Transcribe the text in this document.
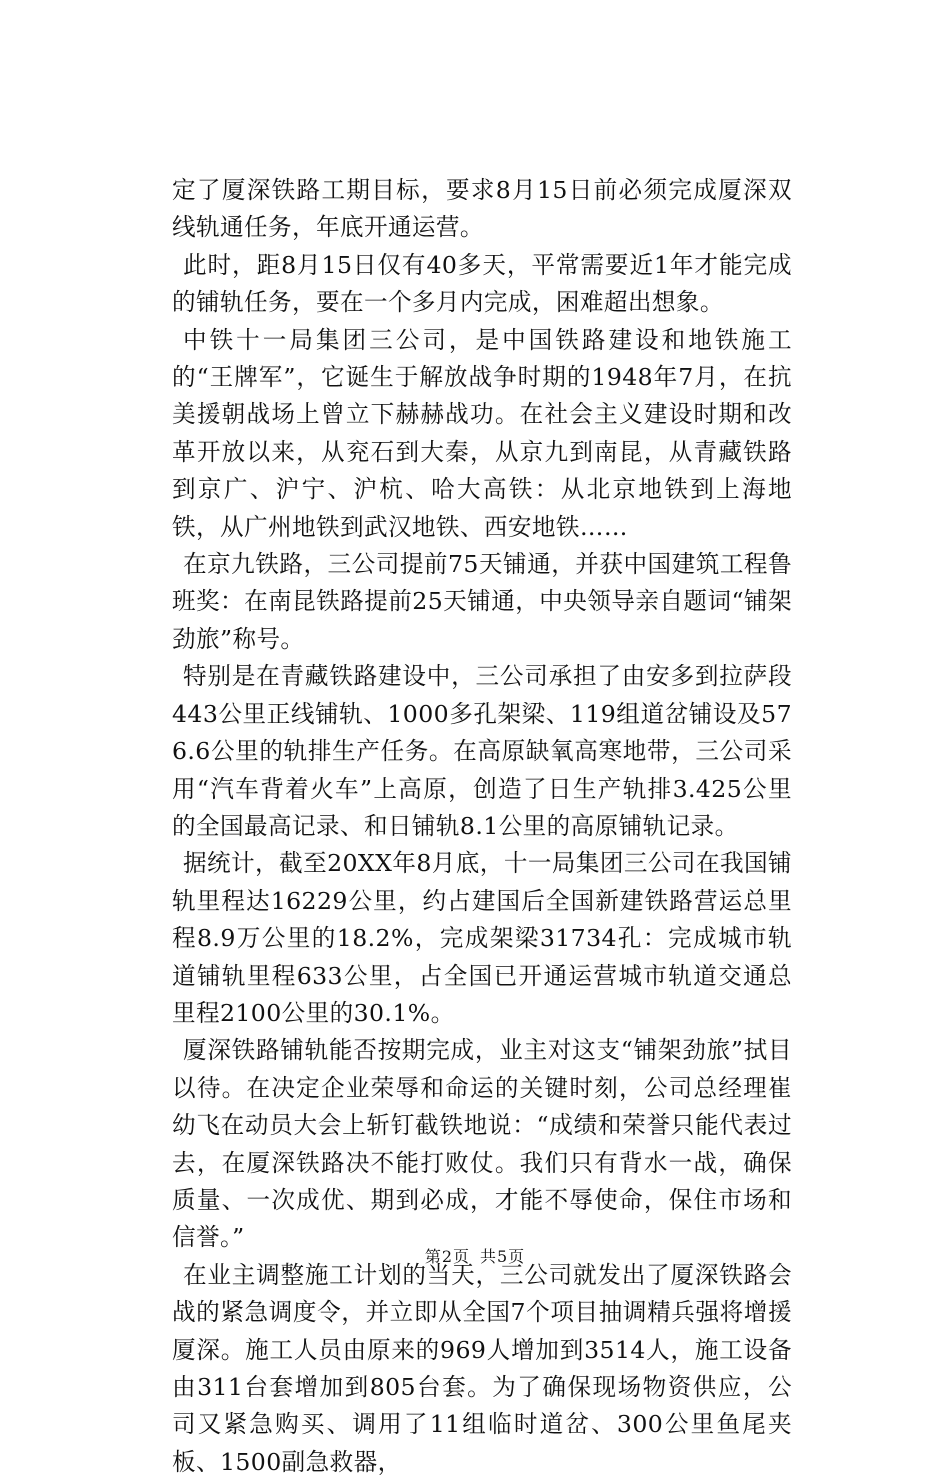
定了厦深铁路工期目标，要求8月15日前必须完成厦深双线轨通任务，年底开通运营。

此时，距8月15日仅有40多天，平常需要近1年才能完成的铺轨任务，要在一个多月内完成，困难超出想象。

中铁十一局集团三公司，是中国铁路建设和地铁施工的“王牌军”，它诞生于解放战争时期的1948年7月，在抗美援朝战场上曾立下赫赫战功。在社会主义建设时期和改革开放以来，从兖石到大秦，从京九到南昆，从青藏铁路到京广、沪宁、沪杭、哈大高铁：从北京地铁到上海地铁，从广州地铁到武汉地铁、西安地铁……

在京九铁路，三公司提前75天铺通，并获中国建筑工程鲁班奖：在南昆铁路提前25天铺通，中央领导亲自题词“铺架劲旅”称号。

特别是在青藏铁路建设中，三公司承担了由安多到拉萨段443公里正线铺轨、1000多孔架梁、119组道岔铺设及576.6公里的轨排生产任务。在高原缺氧高寒地带，三公司采用“汽车背着火车”上高原，创造了日生产轨排3.425公里的全国最高记录、和日铺轨8.1公里的高原铺轨记录。

据统计，截至20XX年8月底，十一局集团三公司在我国铺轨里程达16229公里，约占建国后全国新建铁路营运总里程8.9万公里的18.2%，完成架梁31734孔：完成城市轨道铺轨里程633公里，占全国已开通运营城市轨道交通总里程2100公里的30.1%。

厦深铁路铺轨能否按期完成，业主对这支“铺架劲旅”拭目以待。在决定企业荣辱和命运的关键时刻，公司总经理崔幼飞在动员大会上斩钉截铁地说：“成绩和荣誉只能代表过去，在厦深铁路决不能打败仗。我们只有背水一战，确保质量、一次成优、期到必成，才能不辱使命，保住市场和信誉。”

在业主调整施工计划的当天，三公司就发出了厦深铁路会战的紧急调度令，并立即从全国7个项目抽调精兵强将增援厦深。施工人员由原来的969人增加到3514人，施工设备由311台套增加到805台套。为了确保现场物资供应，公司又紧急购买、调用了11组临时道岔、300公里鱼尾夹板、1500副急救器，

第2页 共5页
